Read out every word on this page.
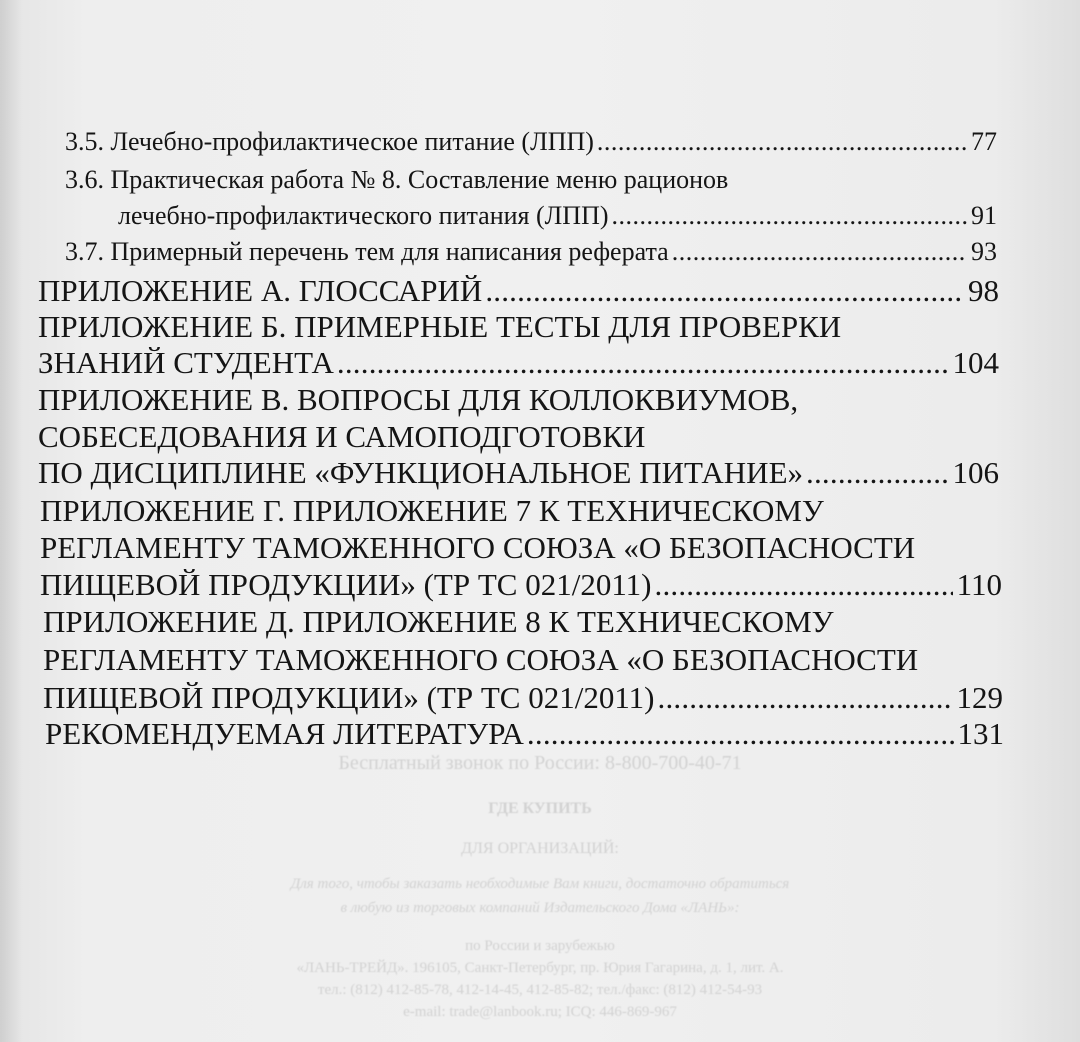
Бесплатный звонок по России: 8-800-700-40-71
ГДЕ КУПИТЬ
ДЛЯ ОРГАНИЗАЦИЙ:
Для того, чтобы заказать необходимые Вам книги, достаточно обратиться
в любую из торговых компаний Издательского Дома «ЛАНЬ»:
по России и зарубежью
«ЛАНЬ-ТРЕЙД». 196105, Санкт-Петербург, пр. Юрия Гагарина, д. 1, лит. А.
тел.: (812) 412-85-78, 412-14-45, 412-85-82; тел./факс: (812) 412-54-93
e-mail: trade@lanbook.ru; ICQ: 446-869-967
3.5. Лечебно-профилактическое питание (ЛПП) .....	77
3.6. Практическая работа № 8. Составление меню рационов
лечебно-профилактического питания (ЛПП) .....	91
3.7. Примерный перечень тем для написания реферата .....	93
ПРИЛОЖЕНИЕ А. ГЛОССАРИЙ .....	98
ПРИЛОЖЕНИЕ Б. ПРИМЕРНЫЕ ТЕСТЫ ДЛЯ ПРОВЕРКИ
ЗНАНИЙ СТУДЕНТА .....	104
ПРИЛОЖЕНИЕ В. ВОПРОСЫ ДЛЯ КОЛЛОКВИУМОВ,
СОБЕСЕДОВАНИЯ И САМОПОДГОТОВКИ
ПО ДИСЦИПЛИНЕ «ФУНКЦИОНАЛЬНОЕ ПИТАНИЕ» .....	106
ПРИЛОЖЕНИЕ Г. ПРИЛОЖЕНИЕ 7 К ТЕХНИЧЕСКОМУ
РЕГЛАМЕНТУ ТАМОЖЕННОГО СОЮЗА «О БЕЗОПАСНОСТИ
ПИЩЕВОЙ ПРОДУКЦИИ» (ТР ТС 021/2011) .....	110
ПРИЛОЖЕНИЕ Д. ПРИЛОЖЕНИЕ 8 К ТЕХНИЧЕСКОМУ
РЕГЛАМЕНТУ ТАМОЖЕННОГО СОЮЗА «О БЕЗОПАСНОСТИ
ПИЩЕВОЙ ПРОДУКЦИИ» (ТР ТС 021/2011) .....	129
РЕКОМЕНДУЕМАЯ ЛИТЕРАТУРА .....	131
